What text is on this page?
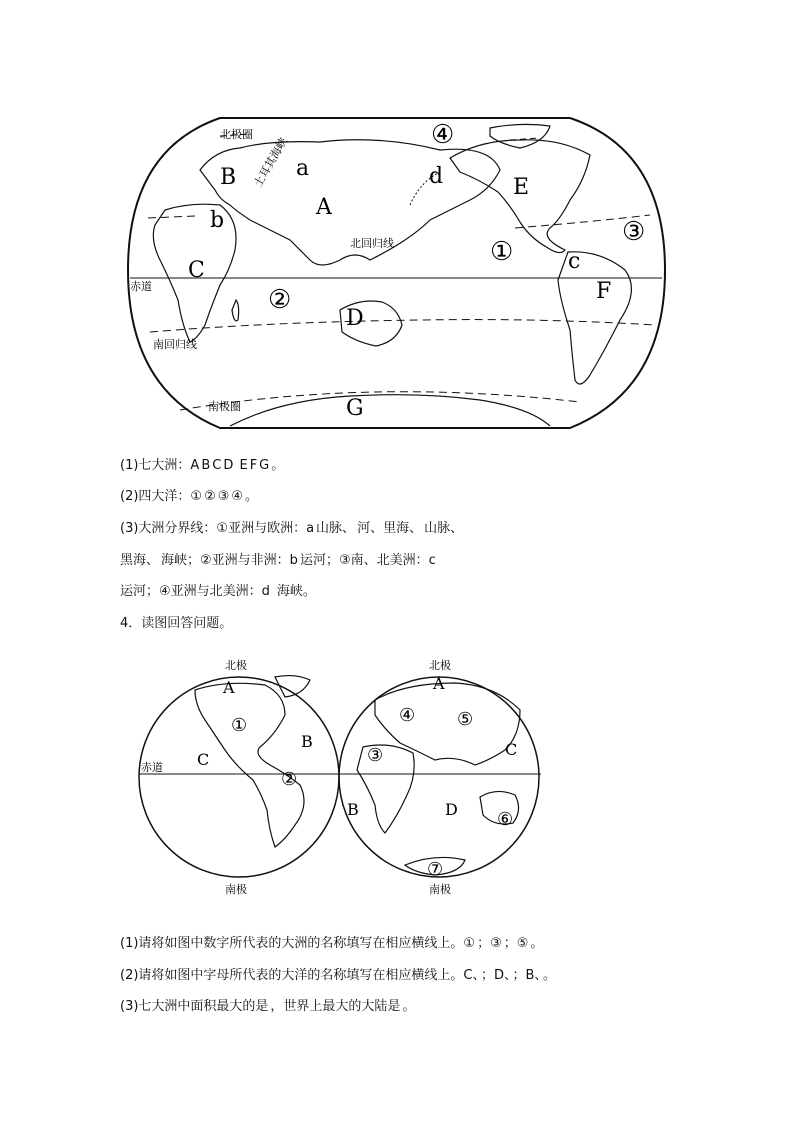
北极圈
北回归线
赤道
南回归线
南极圈
土耳其海峡
A
B
C
D
E
F
G
a
b
c
d
①
②
③
④
(1)七大洲：A B C D E F G 。
(2)四大洋：① ② ③ ④ 。
(3)大洲分界线：①亚洲与欧洲：a 山脉、 河、里海、 山脉、
黑海、 海峡；②亚洲与非洲：b 运河；③南、北美洲：c
运河；④亚洲与北美洲：d 海峡。
4．读图回答问题。
北极	北极
南极	南极
赤道
A	A
B
B
C
C
D
①
②
③
④ ⑤
⑥
⑦
(1)请将如图中数字所代表的大洲的名称填写在相应横线上。① ；③ ；⑤ 。
(2)请将如图中字母所代表的大洋的名称填写在相应横线上。C、 ；D、 ；B、 。
(3)七大洲中面积最大的是 ，世界上最大的大陆是 。
